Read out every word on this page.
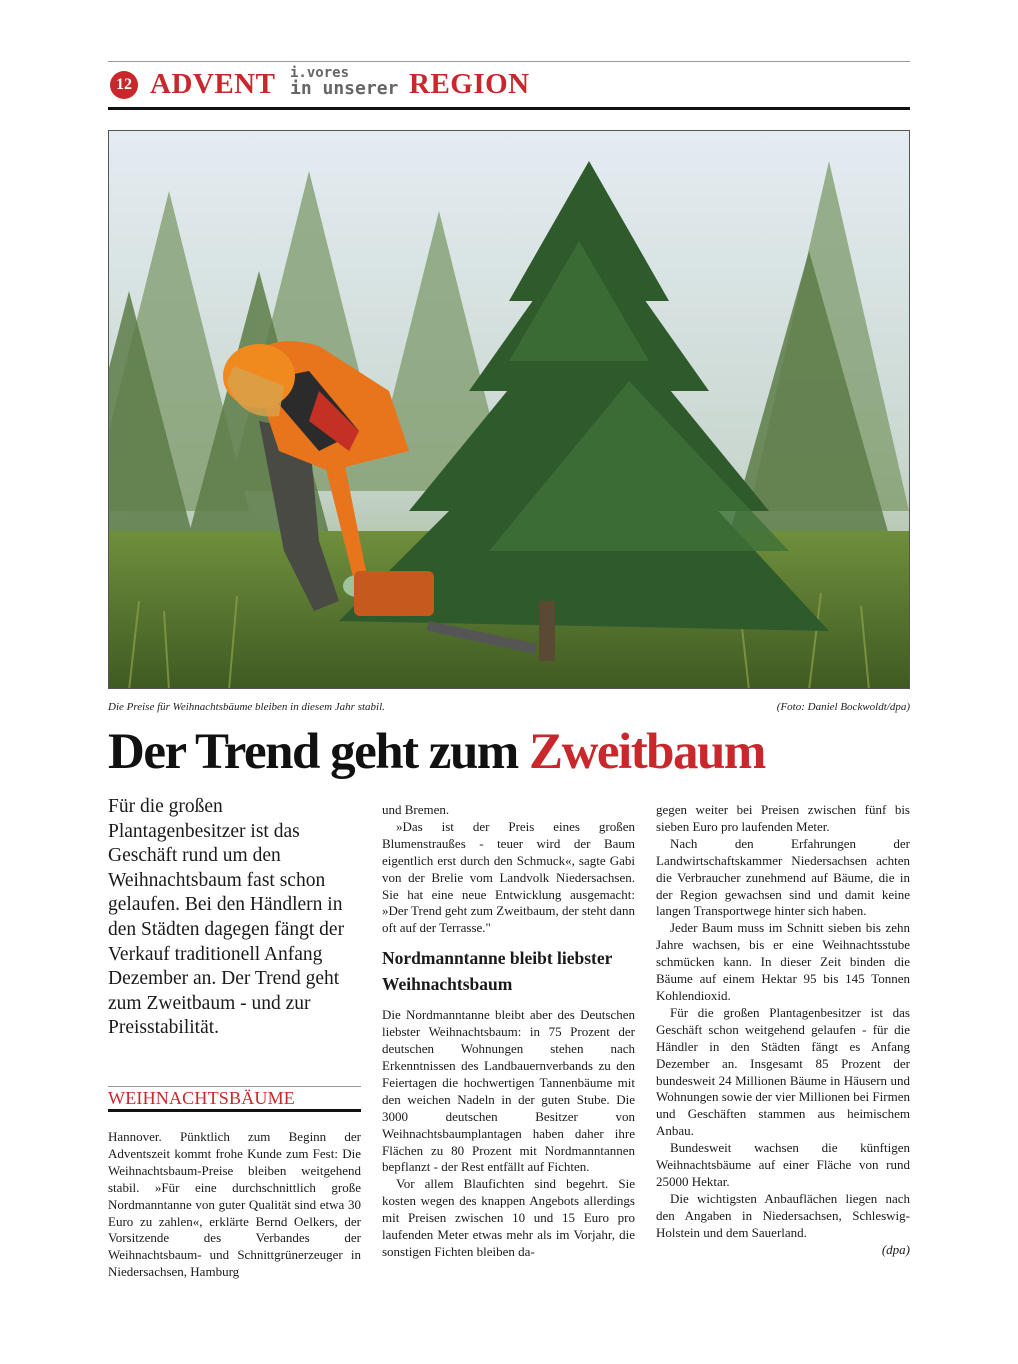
12 ADVENT i.vores
in unserer REGION
Die Preise für Weihnachtsbäume bleiben in diesem Jahr stabil.	(Foto: Daniel Bockwoldt/dpa)
Der Trend geht zum Zweitbaum

Für die großen Plantagenbesitzer ist das Geschäft rund um den Weihnachtsbaum fast schon gelaufen. Bei den Händlern in den Städten dagegen fängt der Verkauf traditionell Anfang Dezember an. Der Trend geht zum Zweitbaum - und zur Preisstabilität.

WEIHNACHTSBÄUME

Hannover. Pünktlich zum Beginn der Adventszeit kommt frohe Kunde zum Fest: Die Weihnachtsbaum-Preise bleiben weitgehend stabil. »Für eine durchschnittlich große Nordmanntanne von guter Qualität sind etwa 30 Euro zu zahlen«, erklärte Bernd Oelkers, der Vorsitzende des Verbandes der Weihnachtsbaum- und Schnittgrünerzeuger in Niedersachsen, Hamburg

und Bremen.

»Das ist der Preis eines großen Blumenstraußes - teuer wird der Baum eigentlich erst durch den Schmuck«, sagte Gabi von der Brelie vom Landvolk Niedersachsen. Sie hat eine neue Entwicklung ausgemacht: »Der Trend geht zum Zweitbaum, der steht dann oft auf der Terrasse."

Nordmanntanne bleibt liebster Weihnachtsbaum

Die Nordmanntanne bleibt aber des Deutschen liebster Weihnachtsbaum: in 75 Prozent der deutschen Wohnungen stehen nach Erkenntnissen des Landbauernverbands zu den Feiertagen die hochwertigen Tannenbäume mit den weichen Nadeln in der guten Stube. Die 3000 deutschen Besitzer von Weihnachtsbaumplantagen haben daher ihre Flächen zu 80 Prozent mit Nordmanntannen bepflanzt - der Rest entfällt auf Fichten.

Vor allem Blaufichten sind begehrt. Sie kosten wegen des knappen Angebots allerdings mit Preisen zwischen 10 und 15 Euro pro laufenden Meter etwas mehr als im Vorjahr, die sonstigen Fichten bleiben da-

gegen weiter bei Preisen zwischen fünf bis sieben Euro pro laufenden Meter.

Nach den Erfahrungen der Landwirtschaftskammer Niedersachsen achten die Verbraucher zunehmend auf Bäume, die in der Region gewachsen sind und damit keine langen Transportwege hinter sich haben.

Jeder Baum muss im Schnitt sieben bis zehn Jahre wachsen, bis er eine Weihnachtsstube schmücken kann. In dieser Zeit binden die Bäume auf einem Hektar 95 bis 145 Tonnen Kohlendioxid.

Für die großen Plantagenbesitzer ist das Geschäft schon weitgehend gelaufen - für die Händler in den Städten fängt es Anfang Dezember an. Insgesamt 85 Prozent der bundesweit 24 Millionen Bäume in Häusern und Wohnungen sowie der vier Millionen bei Firmen und Geschäften stammen aus heimischem Anbau.

Bundesweit wachsen die künftigen Weihnachtsbäume auf einer Fläche von rund 25000 Hektar.

Die wichtigsten Anbauflächen liegen nach den Angaben in Niedersachsen, Schleswig-Holstein und dem Sauerland.

(dpa)
